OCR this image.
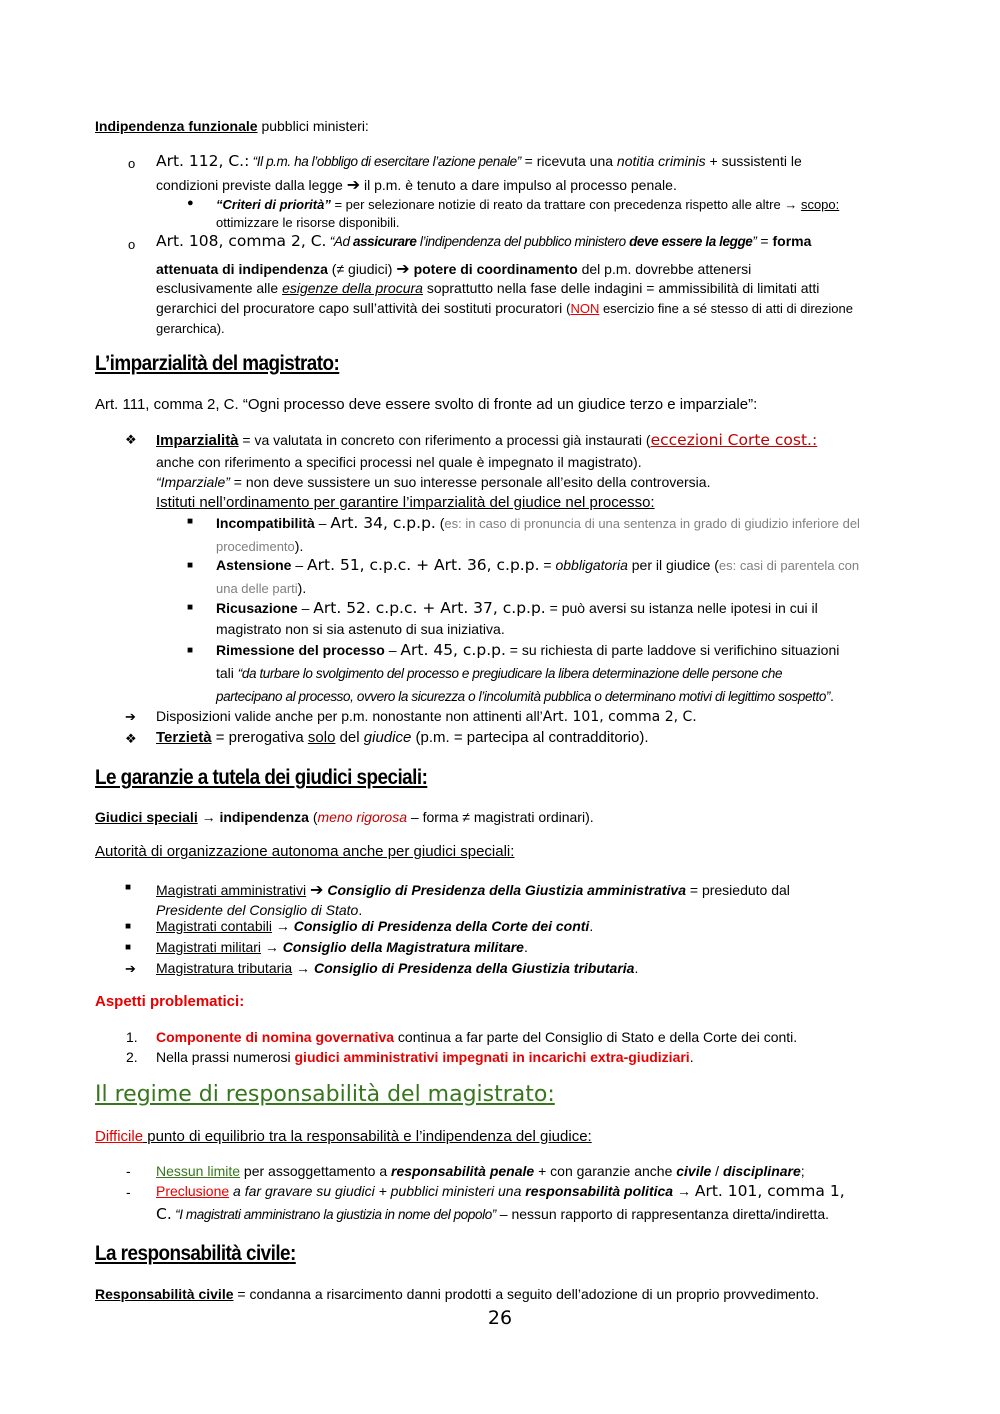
Indipendenza funzionale pubblici ministeri:
o Art. 112, C.: “Il p.m. ha l’obbligo di esercitare l’azione penale” = ricevuta una notitia criminis + sussistenti le
condizioni previste dalla legge ➔ il p.m. è tenuto a dare impulso al processo penale.
● “Criteri di priorità” = per selezionare notizie di reato da trattare con precedenza rispetto alle altre → scopo:
ottimizzare le risorse disponibili.
o Art. 108, comma 2, C. “Ad assicurare l’indipendenza del pubblico ministero deve essere la legge” = forma
attenuata di indipendenza (≠ giudici) ➔ potere di coordinamento del p.m. dovrebbe attenersi
esclusivamente alle esigenze della procura soprattutto nella fase delle indagini = ammissibilità di limitati atti
gerarchici del procuratore capo sull’attività dei sostituti procuratori (NON esercizio fine a sé stesso di atti di direzione
gerarchica).
L’imparzialità del magistrato:
Art. 111, comma 2, C. “Ogni processo deve essere svolto di fronte ad un giudice terzo e imparziale”:
❖ Imparzialità = va valutata in concreto con riferimento a processi già instaurati (eccezioni Corte cost.:
anche con riferimento a specifici processi nel quale è impegnato il magistrato).
“Imparziale” = non deve sussistere un suo interesse personale all’esito della controversia.
Istituti nell’ordinamento per garantire l’imparzialità del giudice nel processo:
■ Incompatibilità – Art. 34, c.p.p. (es: in caso di pronuncia di una sentenza in grado di giudizio inferiore del
procedimento).
■ Astensione – Art. 51, c.p.c. + Art. 36, c.p.p. = obbligatoria per il giudice (es: casi di parentela con
una delle parti).
■ Ricusazione – Art. 52. c.p.c. + Art. 37, c.p.p. = può aversi su istanza nelle ipotesi in cui il
magistrato non si sia astenuto di sua iniziativa.
■ Rimessione del processo – Art. 45, c.p.p. = su richiesta di parte laddove si verifichino situazioni
tali “da turbare lo svolgimento del processo e pregiudicare la libera determinazione delle persone che
partecipano al processo, ovvero la sicurezza o l’incolumità pubblica o determinano motivi di legittimo sospetto”.
➔ Disposizioni valide anche per p.m. nonostante non attinenti all’Art. 101, comma 2, C.
❖ Terzietà = prerogativa solo del giudice (p.m. = partecipa al contradditorio).
Le garanzie a tutela dei giudici speciali:
Giudici speciali → indipendenza (meno rigorosa – forma ≠ magistrati ordinari).
Autorità di organizzazione autonoma anche per giudici speciali:
■ Magistrati amministrativi ➔ Consiglio di Presidenza della Giustizia amministrativa = presieduto dal
Presidente del Consiglio di Stato.
■ Magistrati contabili → Consiglio di Presidenza della Corte dei conti.
■ Magistrati militari → Consiglio della Magistratura militare.
➔ Magistratura tributaria → Consiglio di Presidenza della Giustizia tributaria.
Aspetti problematici:
1. Componente di nomina governativa continua a far parte del Consiglio di Stato e della Corte dei conti.
2. Nella prassi numerosi giudici amministrativi impegnati in incarichi extra-giudiziari.
Il regime di responsabilità del magistrato:
Difficile punto di equilibrio tra la responsabilità e l’indipendenza del giudice:
- Nessun limite per assoggettamento a responsabilità penale + con garanzie anche civile / disciplinare;
- Preclusione a far gravare su giudici + pubblici ministeri una responsabilità politica → Art. 101, comma 1,
C. “I magistrati amministrano la giustizia in nome del popolo” – nessun rapporto di rappresentanza diretta/indiretta.
La responsabilità civile:
Responsabilità civile = condanna a risarcimento danni prodotti a seguito dell’adozione di un proprio provvedimento.
26
